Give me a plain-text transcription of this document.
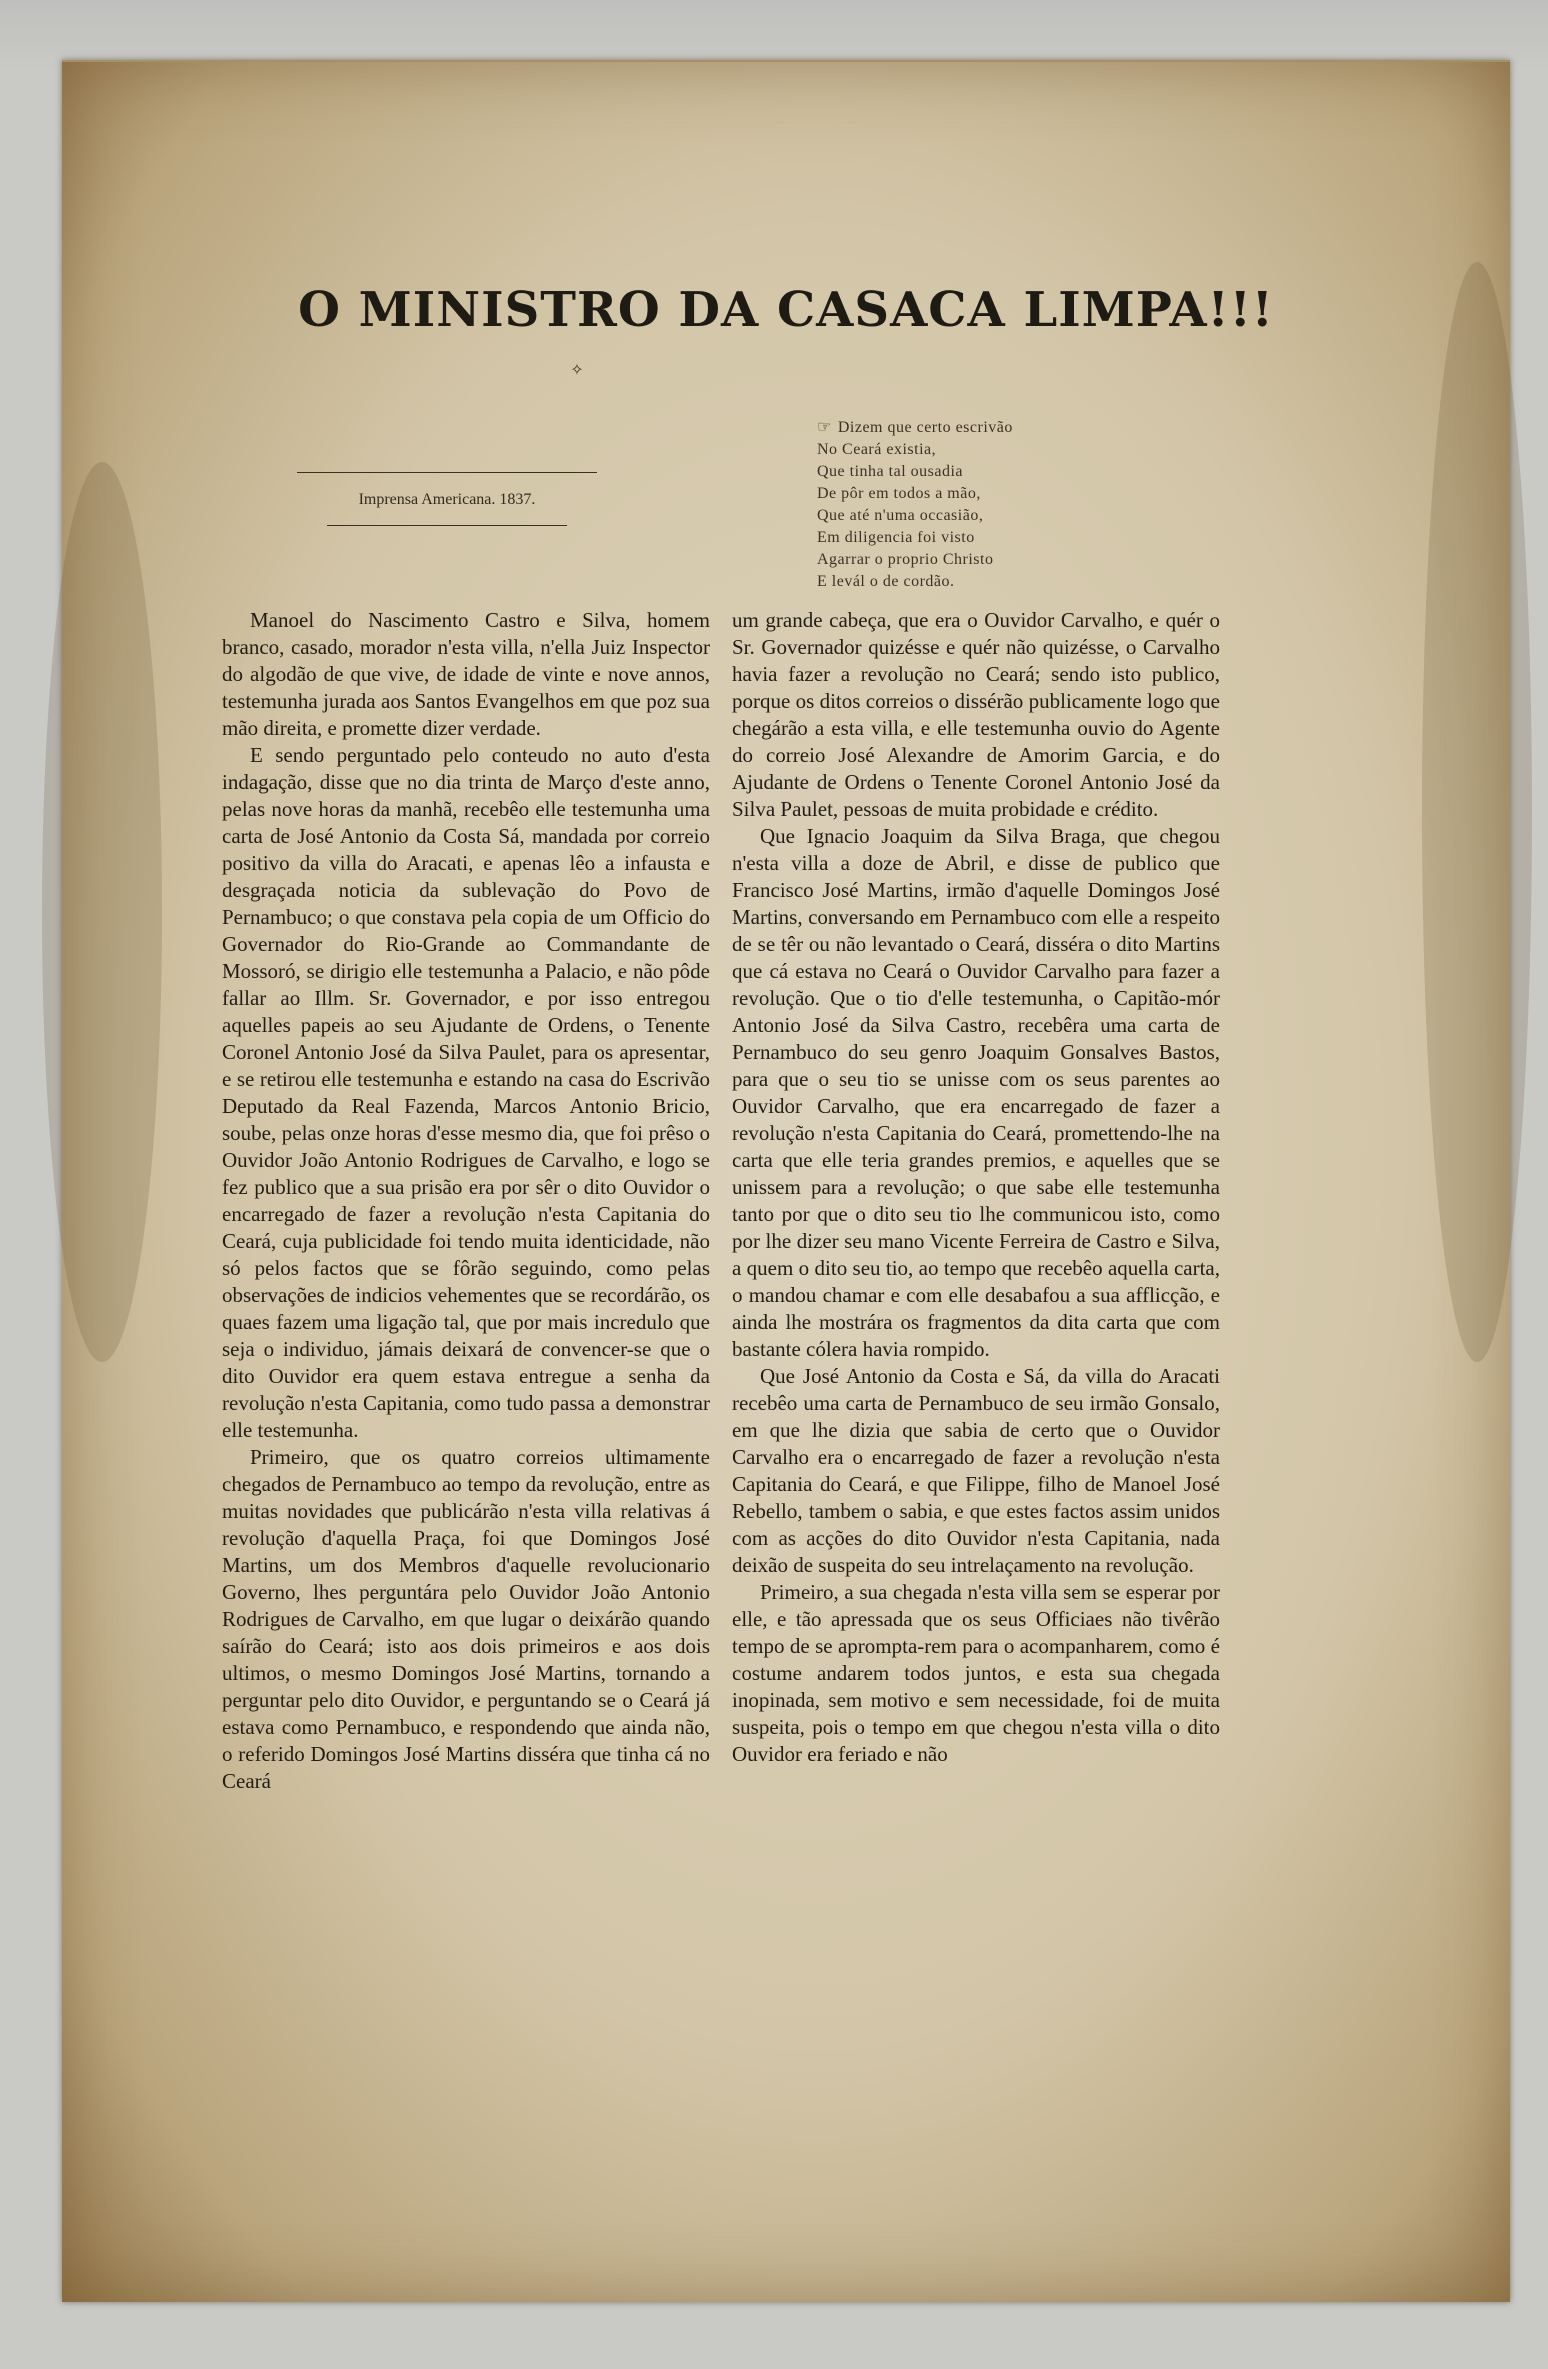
O MINISTRO DA CASACA LIMPA!!!
✧
Imprensa Americana. 1837.
☞ Dizem que certo escrivão
No Ceará existia,
Que tinha tal ousadia
De pôr em todos a mão,
Que até n'uma occasião,
Em diligencia foi visto
Agarrar o proprio Christo
E levál o de cordão.

Manoel do Nascimento Castro e Silva, homem branco, casado, morador n'esta villa, n'ella Juiz Inspector do algodão de que vive, de idade de vinte e nove annos, testemunha jurada aos Santos Evangelhos em que poz sua mão direita, e promette dizer verdade.

E sendo perguntado pelo conteudo no auto d'esta indagação, disse que no dia trinta de Março d'este anno, pelas nove horas da manhã, recebêo elle testemunha uma carta de José Antonio da Costa Sá, mandada por correio positivo da villa do Aracati, e apenas lêo a infausta e desgraçada noticia da sublevação do Povo de Pernambuco; o que constava pela copia de um Officio do Governador do Rio-Grande ao Commandante de Mossoró, se dirigio elle testemunha a Palacio, e não pôde fallar ao Illm. Sr. Governador, e por isso entregou aquelles papeis ao seu Ajudante de Ordens, o Tenente Coronel Antonio José da Silva Paulet, para os apresentar, e se retirou elle testemunha e estando na casa do Escrivão Deputado da Real Fazenda, Marcos Antonio Bricio, soube, pelas onze horas d'esse mesmo dia, que foi prêso o Ouvidor João Antonio Rodrigues de Carvalho, e logo se fez publico que a sua prisão era por sêr o dito Ouvidor o encarregado de fazer a revolução n'esta Capitania do Ceará, cuja publicidade foi tendo muita identicidade, não só pelos factos que se fôrão seguindo, como pelas observações de indicios vehementes que se recordárão, os quaes fazem uma ligação tal, que por mais incredulo que seja o individuo, jámais deixará de convencer-se que o dito Ouvidor era quem estava entregue a senha da revolução n'esta Capitania, como tudo passa a demonstrar elle testemunha.

Primeiro, que os quatro correios ultimamente chegados de Pernambuco ao tempo da revolução, entre as muitas novidades que publicárão n'esta villa relativas á revolução d'aquella Praça, foi que Domingos José Martins, um dos Membros d'aquelle revolucionario Governo, lhes perguntára pelo Ouvidor João Antonio Rodrigues de Carvalho, em que lugar o deixárão quando saírão do Ceará; isto aos dois primeiros e aos dois ultimos, o mesmo Domingos José Martins, tornando a perguntar pelo dito Ouvidor, e perguntando se o Ceará já estava como Pernambuco, e respondendo que ainda não, o referido Domingos José Martins disséra que tinha cá no Ceará

um grande cabeça, que era o Ouvidor Carvalho, e quér o Sr. Governador quizésse e quér não quizésse, o Carvalho havia fazer a revolução no Ceará; sendo isto publico, porque os ditos correios o dissérão publicamente logo que chegárão a esta villa, e elle testemunha ouvio do Agente do correio José Alexandre de Amorim Garcia, e do Ajudante de Ordens o Tenente Coronel Antonio José da Silva Paulet, pessoas de muita probidade e crédito.

Que Ignacio Joaquim da Silva Braga, que chegou n'esta villa a doze de Abril, e disse de publico que Francisco José Martins, irmão d'aquelle Domingos José Martins, conversando em Pernambuco com elle a respeito de se têr ou não levantado o Ceará, disséra o dito Martins que cá estava no Ceará o Ouvidor Carvalho para fazer a revolução. Que o tio d'elle testemunha, o Capitão-mór Antonio José da Silva Castro, recebêra uma carta de Pernambuco do seu genro Joaquim Gonsalves Bastos, para que o seu tio se unisse com os seus parentes ao Ouvidor Carvalho, que era encarregado de fazer a revolução n'esta Capitania do Ceará, promettendo-lhe na carta que elle teria grandes premios, e aquelles que se unissem para a revolução; o que sabe elle testemunha tanto por que o dito seu tio lhe communicou isto, como por lhe dizer seu mano Vicente Ferreira de Castro e Silva, a quem o dito seu tio, ao tempo que recebêo aquella carta, o mandou chamar e com elle desabafou a sua afflicção, e ainda lhe mostrára os fragmentos da dita carta que com bastante cólera havia rompido.

Que José Antonio da Costa e Sá, da villa do Aracati recebêo uma carta de Pernambuco de seu irmão Gonsalo, em que lhe dizia que sabia de certo que o Ouvidor Carvalho era o encarregado de fazer a revolução n'esta Capitania do Ceará, e que Filippe, filho de Manoel José Rebello, tambem o sabia, e que estes factos assim unidos com as acções do dito Ouvidor n'esta Capitania, nada deixão de suspeita do seu intrelaçamento na revolução.

Primeiro, a sua chegada n'esta villa sem se esperar por elle, e tão apressada que os seus Officiaes não tivêrão tempo de se aprompta-rem para o acompanharem, como é costume andarem todos juntos, e esta sua chegada inopinada, sem motivo e sem necessidade, foi de muita suspeita, pois o tempo em que chegou n'esta villa o dito Ouvidor era feriado e não
